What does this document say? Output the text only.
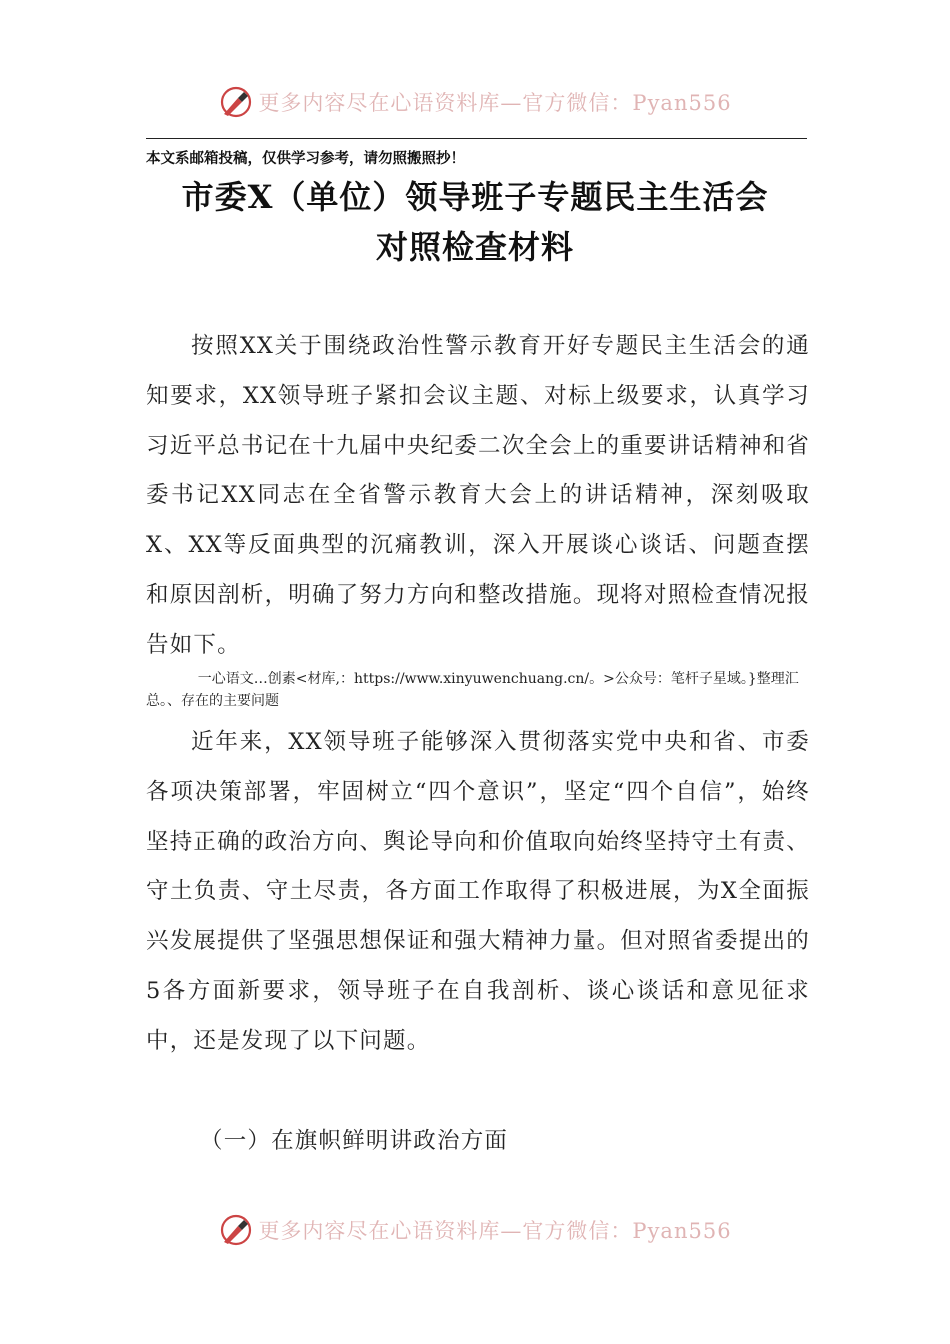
更多内容尽在心语资料库—官方微信：Pyan556
本文系邮箱投稿，仅供学习参考，请勿照搬照抄！
市委X（单位）领导班子专题民主生活会
对照检查材料

按照XX关于围绕政治性警示教育开好专题民主生活会的通知要求，XX领导班子紧扣会议主题、对标上级要求，认真学习习近平总书记在十九届中央纪委二次全会上的重要讲话精神和省委书记XX同志在全省警示教育大会上的讲话精神，深刻吸取X、XX等反面典型的沉痛教训，深入开展谈心谈话、问题查摆和原因剖析，明确了努力方向和整改措施。现将对照检查情况报告如下。

一心语文…创素<材库,：https://www.xinyuwenchuang.cn/。>公众号：笔杆子星域。}整理汇总。、存在的主要问题

近年来，XX领导班子能够深入贯彻落实党中央和省、市委各项决策部署，牢固树立“四个意识”，坚定“四个自信”，始终坚持正确的政治方向、舆论导向和价值取向始终坚持守土有责、守土负责、守土尽责，各方面工作取得了积极进展，为X全面振兴发展提供了坚强思想保证和强大精神力量。但对照省委提出的5各方面新要求，领导班子在自我剖析、谈心谈话和意见征求中，还是发现了以下问题。

（一）在旗帜鲜明讲政治方面
更多内容尽在心语资料库—官方微信：Pyan556
